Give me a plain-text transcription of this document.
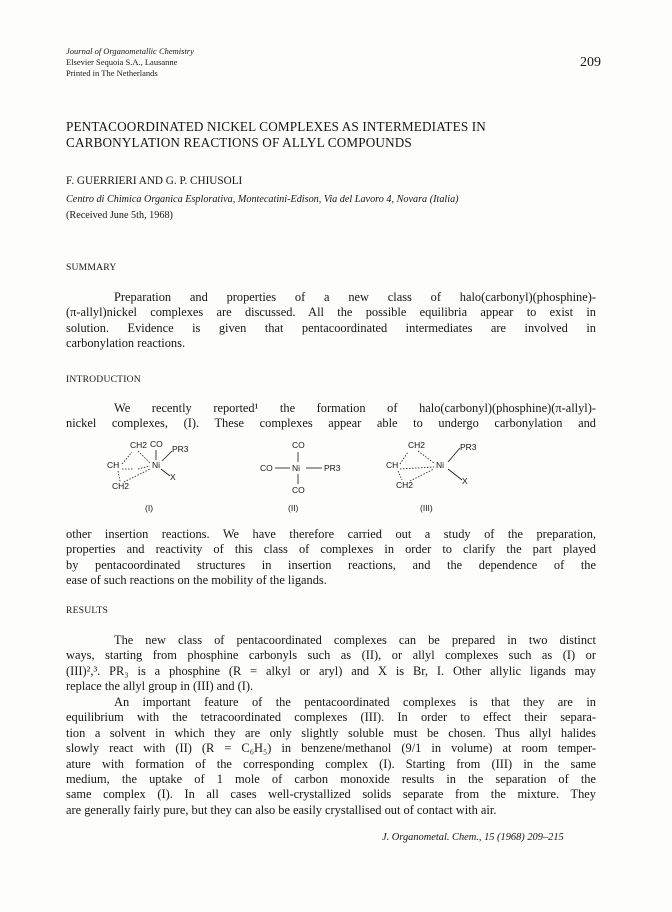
Journal of Organometallic Chemistry
Elsevier Sequoia S.A., Lausanne
Printed in The Netherlands
209
PENTACOORDINATED NICKEL COMPLEXES AS INTERMEDIATES IN
CARBONYLATION REACTIONS OF ALLYL COMPOUNDS
F. GUERRIERI AND G. P. CHIUSOLI
Centro di Chimica Organica Esplorativa, Montecatini-Edison, Via del Lavoro 4, Novara (Italia)
(Received June 5th, 1968)
SUMMARY
Preparation and properties of a new class of halo(carbonyl)(phosphine)-
(π-allyl)nickel complexes are discussed. All the possible equilibria appear to exist in
solution. Evidence is given that pentacoordinated intermediates are involved in
carbonylation reactions.
INTRODUCTION
We recently reported¹ the formation of halo(carbonyl)(phosphine)(π-allyl)-
nickel complexes, (I). These complexes appear able to undergo carbonylation and
CH2 CO PR3
CH	Ni
X
CH2
(I)
CO
CO Ni	PR3
CO
(II)
CH2	PR3
CH	Ni
X
CH2
(III)
other insertion reactions. We have therefore carried out a study of the preparation,
properties and reactivity of this class of complexes in order to clarify the part played
by pentacoordinated structures in insertion reactions, and the dependence of the
ease of such reactions on the mobility of the ligands.
RESULTS
The new class of pentacoordinated complexes can be prepared in two distinct
ways, starting from phosphine carbonyls such as (II), or allyl complexes such as (I) or
(III)²,³. PR₃ is a phosphine (R = alkyl or aryl) and X is Br, I. Other allylic ligands may
replace the allyl group in (III) and (I).
An important feature of the pentacoordinated complexes is that they are in
equilibrium with the tetracoordinated complexes (III). In order to effect their separa-
tion a solvent in which they are only slightly soluble must be chosen. Thus allyl halides
slowly react with (II) (R = C₆H₅) in benzene/methanol (9/1 in volume) at room temper-
ature with formation of the corresponding complex (I). Starting from (III) in the same
medium, the uptake of 1 mole of carbon monoxide results in the separation of the
same complex (I). In all cases well-crystallized solids separate from the mixture. They
are generally fairly pure, but they can also be easily crystallised out of contact with air.
J. Organometal. Chem., 15 (1968) 209–215
